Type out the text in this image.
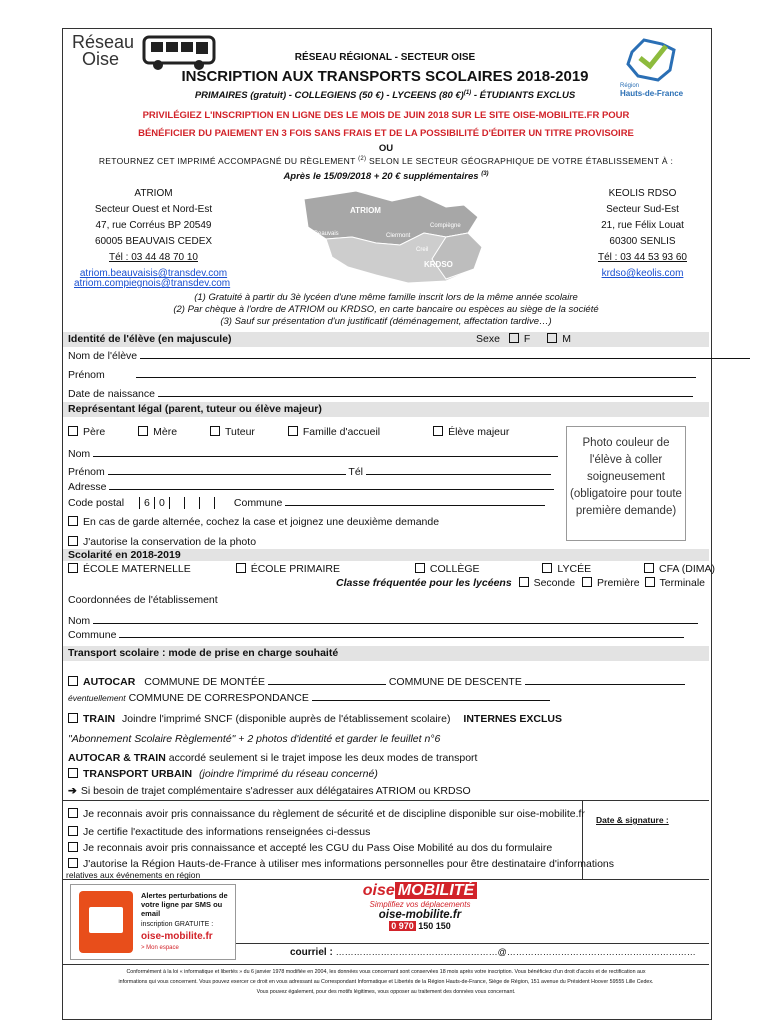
Réseau
Oise
Région
Hauts-de-France
RÉSEAU RÉGIONAL - SECTEUR OISE
INSCRIPTION AUX TRANSPORTS SCOLAIRES 2018-2019
PRIMAIRES (gratuit) - COLLEGIENS (50 €) - LYCEENS (80 €)$^{(1)}$ - ÉTUDIANTS EXCLUS
PRIVILÉGIEZ L'INSCRIPTION EN LIGNE DES LE MOIS DE JUIN 2018 SUR LE SITE OISE-MOBILITE.FR POUR
BÉNÉFICIER DU PAIEMENT EN 3 FOIS SANS FRAIS ET DE LA POSSIBILITÉ D'ÉDITER UN TITRE PROVISOIRE
OU
RETOURNEZ CET IMPRIMÉ ACCOMPAGNÉ DU RÈGLEMENT $^{(2)}$ SELON LE SECTEUR GÉOGRAPHIQUE DE VOTRE ÉTABLISSEMENT À :
Après le 15/09/2018 + 20 € supplémentaires $^{(3)}$
ATRIOM
Secteur Ouest et Nord-Est
47, rue Corréus BP 20549
60005 BEAUVAIS CEDEX
Tél : 03 44 48 70 10
atriom.beauvaisis@transdev.com
atriom.compiegnois@transdev.com
ATRIOM
Compiègne
Beauvais	Clermont
Creil
KRDSO
KEOLIS RDSO
Secteur Sud-Est
21, rue Félix Louat
60300 SENLIS
Tél : 03 44 53 93 60
krdso@keolis.com
(1) Gratuité à partir du 3è lycéen d'une même famille inscrit lors de la même année scolaire
(2) Par chèque à l'ordre de ATRIOM ou KRDSO, en carte bancaire ou espèces au siège de la société
(3) Sauf sur présentation d'un justificatif (déménagement, affectation tardive…)
Identité de l'élève (en majuscule)	Sexe F	M
Nom de l'élève
Prénom
Date de naissance
Représentant légal (parent, tuteur ou élève majeur)
Père	Mère	Tuteur	Famille d'accueil	Élève majeur
Nom
Prénom	Tél
Adresse
Code postal 6 0	Commune
En cas de garde alternée, cochez la case et joignez une deuxième demande
J'autorise la conservation de la photo
Photo couleur de l'élève à coller soigneusement (obligatoire pour toute première demande)
Scolarité en 2018-2019
ÉCOLE MATERNELLE	ÉCOLE PRIMAIRE	COLLÈGE	LYCÉE	CFA (DIMA)
Classe fréquentée pour les lycéens Seconde Première Terminale
Coordonnées de l'établissement
Nom
Commune
Transport scolaire : mode de prise en charge souhaité
AUTOCAR COMMUNE DE MONTÉE	COMMUNE DE DESCENTE
éventuellement COMMUNE DE CORRESPONDANCE
TRAIN Joindre l'imprimé SNCF (disponible auprès de l'établissement scolaire) INTERNES EXCLUS
"Abonnement Scolaire Règlementé" + 2 photos d'identité et garder le feuillet n°6
AUTOCAR & TRAIN accordé seulement si le trajet impose les deux modes de transport
TRANSPORT URBAIN (joindre l'imprimé du réseau concerné)
➔ Si besoin de trajet complémentaire s'adresser aux délégataires ATRIOM ou KRDSO
Je reconnais avoir pris connaissance du règlement de sécurité et de discipline disponible sur oise-mobilite.fr
Je certifie l'exactitude des informations renseignées ci-dessus
Je reconnais avoir pris connaissance et accepté les CGU du Pass Oise Mobilité au dos du formulaire
J'autorise la Région Hauts-de-France à utiliser mes informations personnelles pour être destinataire d'informations
relatives aux événements en région
Date & signature :
Alertes perturbations de votre ligne par SMS ou email
inscription GRATUITE :
oise-mobilite.fr
> Mon espace
oise MOBILITÉ
Simplifiez vos déplacements
oise-mobilite.fr
0 970 150 150
courriel : ………………………………………………@………………………………………………………
Conformément à la loi « informatique et libertés » du 6 janvier 1978 modifiée en 2004, les données vous concernant sont conservées 18 mois après votre inscription. Vous bénéficiez d'un droit d'accès et de rectification aux
informations qui vous concernent. Vous pouvez exercer ce droit en vous adressant au Correspondant Informatique et Libertés de la Région Hauts-de-France, Siège de Région, 151 avenue du Président Hoover 59555 Lille Cedex.
Vous pouvez également, pour des motifs légitimes, vous opposer au traitement des données vous concernant.
